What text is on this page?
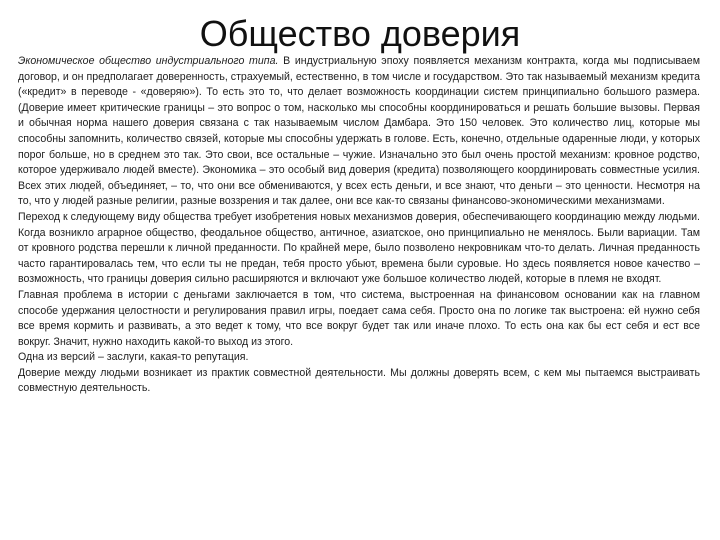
Общество доверия

Экономическое общество индустриального типа. В индустриальную эпоху появляется механизм контракта, когда мы подписываем договор, и он предполагает доверенность, страхуемый, естественно, в том числе и государством. Это так называемый механизм кредита («кредит» в переводе - «доверяю»). То есть это то, что делает возможность координации систем принципиально большого размера. (Доверие имеет критические границы – это вопрос о том, насколько мы способны координироваться и решать большие вызовы. Первая и обычная норма нашего доверия связана с так называемым числом Дамбара. Это 150 человек. Это количество лиц, которые мы способны запомнить, количество связей, которые мы способны удержать в голове. Есть, конечно, отдельные одаренные люди, у которых порог больше, но в среднем это так. Это свои, все остальные – чужие. Изначально это был очень простой механизм: кровное родство, которое удерживало людей вместе). Экономика – это особый вид доверия (кредита) позволяющего координировать совместные усилия. Всех этих людей, объединяет, – то, что они все обмениваются, у всех есть деньги, и все знают, что деньги – это ценности. Несмотря на то, что у людей разные религии, разные воззрения и так далее, они все как-то связаны финансово-экономическими механизмами.

Переход к следующему виду общества требует изобретения новых механизмов доверия, обеспечивающего координацию между людьми. Когда возникло аграрное общество, феодальное общество, античное, азиатское, оно принципиально не менялось. Были вариации. Там от кровного родства перешли к личной преданности. По крайней мере, было позволено некровникам что-то делать. Личная преданность часто гарантировалась тем, что если ты не предан, тебя просто убьют, времена были суровые. Но здесь появляется новое качество – возможность, что границы доверия сильно расширяются и включают уже большое количество людей, которые в племя не входят.

Главная проблема в истории с деньгами заключается в том, что система, выстроенная на финансовом основании как на главном способе удержания целостности и регулирования правил игры, поедает сама себя. Просто она по логике так выстроена: ей нужно себя все время кормить и развивать, а это ведет к тому, что все вокруг будет так или иначе плохо. То есть она как бы ест себя и ест все вокруг. Значит, нужно находить какой-то выход из этого.

Одна из версий – заслуги, какая-то репутация.

Доверие между людьми возникает из практик совместной деятельности. Мы должны доверять всем, с кем мы пытаемся выстраивать совместную деятельность.
